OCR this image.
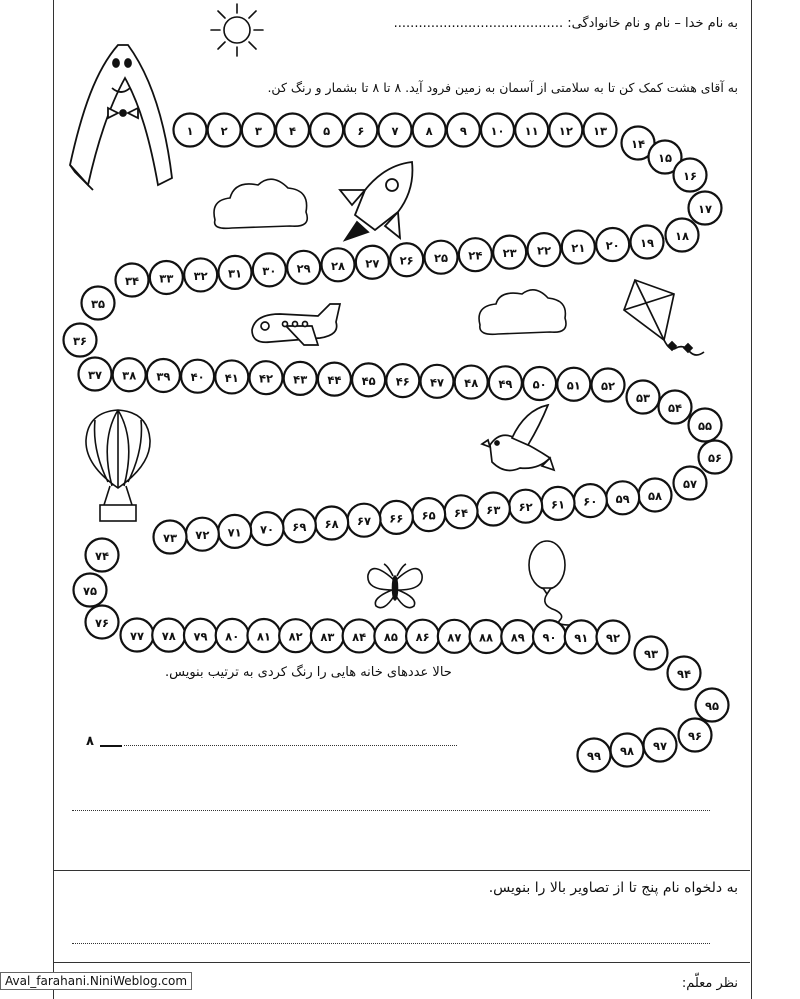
به نام خدا – نام و نام خانوادگی: .........................................
به آقای هشت کمک کن تا به سلامتی از آسمان به زمین فرود آید. ۸ تا ۸ تا بشمار و رنگ کن.
۱ ۲ ۳ ۴ ۵ ۶ ۷ ۸ ۹ ۱۰ ۱۱ ۱۲ ۱۳
۱۴
۱۵
۱۶
۱۷
۱۸
۱۹
۲۰
۲۱
۲۲
۲۳
۲۴
۲۵
۲۶
۲۷
۲۸
۲۹
۳۰
۳۱
۳۲
۳۳
۳۴
۳۵
۳۶
۳۷ ۳۸ ۳۹ ۴۰ ۴۱ ۴۲ ۴۳ ۴۴ ۴۵ ۴۶ ۴۷ ۴۸ ۴۹ ۵۰ ۵۱ ۵۲
۵۳
۵۴
۵۵
۵۶
۵۷
۵۸
۵۹
۶۰
۶۱
۶۲
۶۳
۶۴
۶۵
۶۶
۶۷
۶۸
۶۹
۷۰
۷۱
۷۲
۷۳
۷۴
۷۵
۷۶
۷۷ ۷۸ ۷۹ ۸۰ ۸۱ ۸۲ ۸۳ ۸۴ ۸۵ ۸۶ ۸۷ ۸۸ ۸۹ ۹۰ ۹۱ ۹۲
۹۳
۹۴
۹۵
۹۶
۹۷
۹۸
۹۹
حالا عددهای خانه هایی را رنگ کردی به ترتیب بنویس.
۸
به دلخواه نام پنج تا از تصاویر بالا را بنویس.
نظر معلّم:
Aval_farahani.NiniWeblog.com
